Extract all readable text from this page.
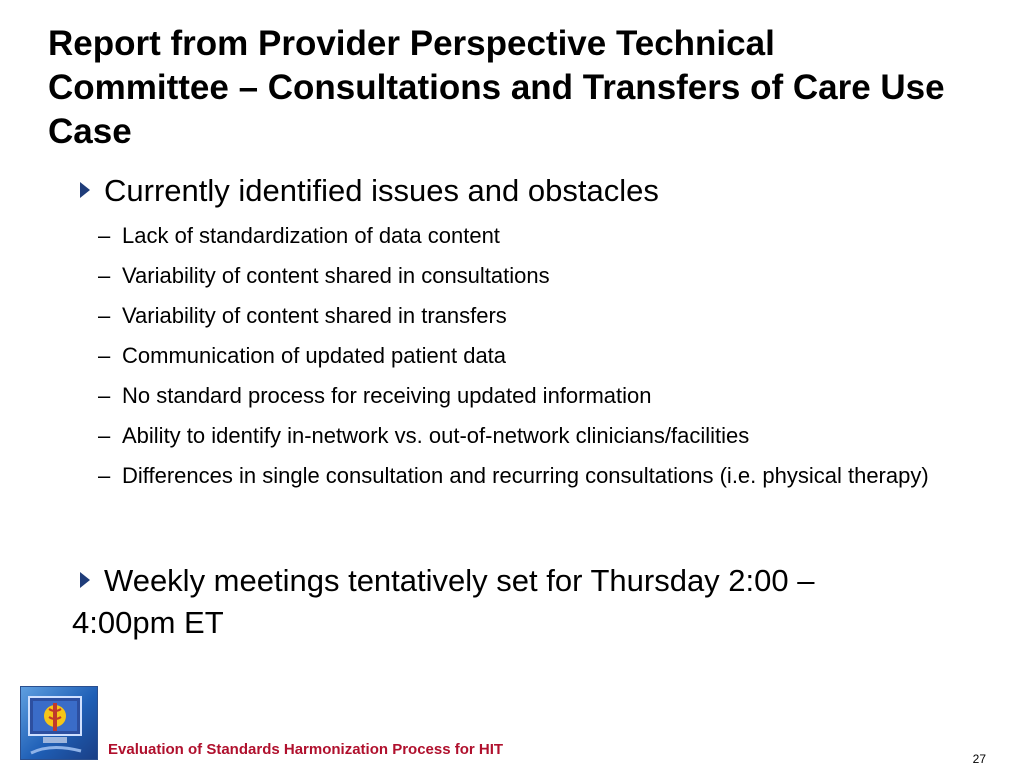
Report from Provider Perspective Technical Committee – Consultations and Transfers of Care Use Case
Currently identified issues and obstacles
– Lack of standardization of data content
– Variability of content shared in consultations
– Variability of content shared in transfers
– Communication of updated patient data
– No standard process for receiving updated information
– Ability to identify in-network vs. out-of-network clinicians/facilities
– Differences in single consultation and recurring consultations (i.e. physical therapy)
Weekly meetings tentatively set for Thursday 2:00 –
4:00pm ET
Evaluation of Standards Harmonization Process for HIT
27
